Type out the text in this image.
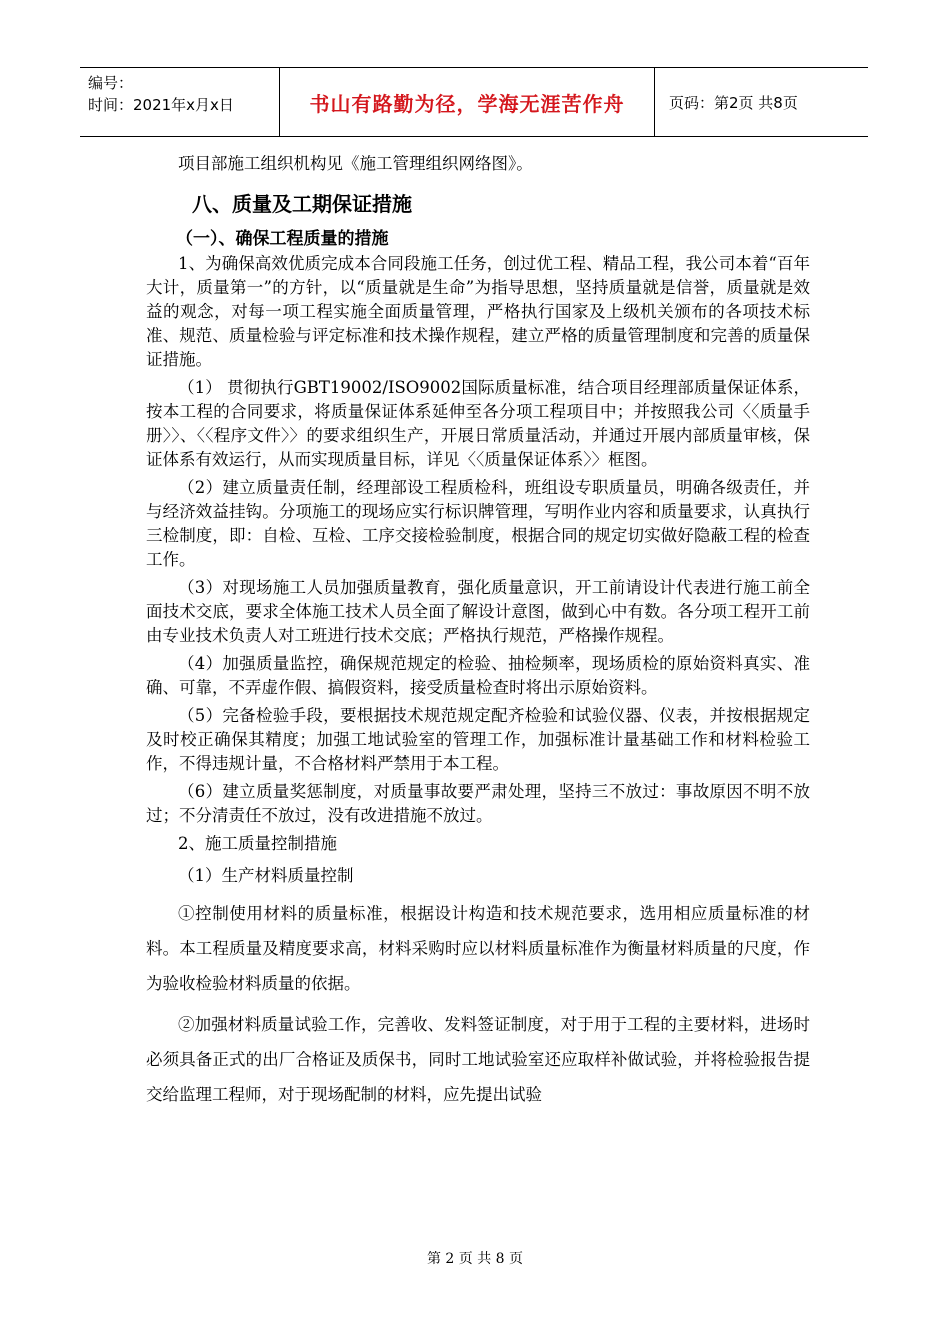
编号：
时间：2021年x月x日	书山有路勤为径，学海无涯苦作舟	页码：第2页 共8页

项目部施工组织机构见《施工管理组织网络图》。

八、质量及工期保证措施
（一）、确保工程质量的措施

1、为确保高效优质完成本合同段施工任务，创过优工程、精品工程，我公司本着“百年大计，质量第一”的方针，以“质量就是生命”为指导思想，坚持质量就是信誉，质量就是效益的观念，对每一项工程实施全面质量管理，严格执行国家及上级机关颁布的各项技术标准、规范、质量检验与评定标准和技术操作规程，建立严格的质量管理制度和完善的质量保证措施。

（1） 贯彻执行GBT19002/ISO9002国际质量标准，结合项目经理部质量保证体系，按本工程的合同要求，将质量保证体系延伸至各分项工程项目中；并按照我公司〈〈质量手册〉〉、〈〈程序文件〉〉的要求组织生产，开展日常质量活动，并通过开展内部质量审核，保证体系有效运行，从而实现质量目标，详见〈〈质量保证体系〉〉框图。

（2）建立质量责任制，经理部设工程质检科，班组设专职质量员，明确各级责任，并与经济效益挂钩。分项施工的现场应实行标识牌管理，写明作业内容和质量要求，认真执行三检制度，即：自检、互检、工序交接检验制度，根据合同的规定切实做好隐蔽工程的检查工作。

（3）对现场施工人员加强质量教育，强化质量意识，开工前请设计代表进行施工前全面技术交底，要求全体施工技术人员全面了解设计意图，做到心中有数。各分项工程开工前由专业技术负责人对工班进行技术交底；严格执行规范，严格操作规程。

（4）加强质量监控，确保规范规定的检验、抽检频率，现场质检的原始资料真实、准确、可靠，不弄虚作假、搞假资料，接受质量检查时将出示原始资料。

（5）完备检验手段，要根据技术规范规定配齐检验和试验仪器、仪表，并按根据规定及时校正确保其精度；加强工地试验室的管理工作，加强标准计量基础工作和材料检验工作，不得违规计量，不合格材料严禁用于本工程。

（6）建立质量奖惩制度，对质量事故要严肃处理，坚持三不放过：事故原因不明不放过；不分清责任不放过，没有改进措施不放过。

2、施工质量控制措施

（1）生产材料质量控制

①控制使用材料的质量标准，根据设计构造和技术规范要求，选用相应质量标准的材料。本工程质量及精度要求高，材料采购时应以材料质量标准作为衡量材料质量的尺度，作为验收检验材料质量的依据。

②加强材料质量试验工作，完善收、发料签证制度，对于用于工程的主要材料，进场时必须具备正式的出厂合格证及质保书，同时工地试验室还应取样补做试验，并将检验报告提交给监理工程师，对于现场配制的材料，应先提出试验

第 2 页 共 8 页
